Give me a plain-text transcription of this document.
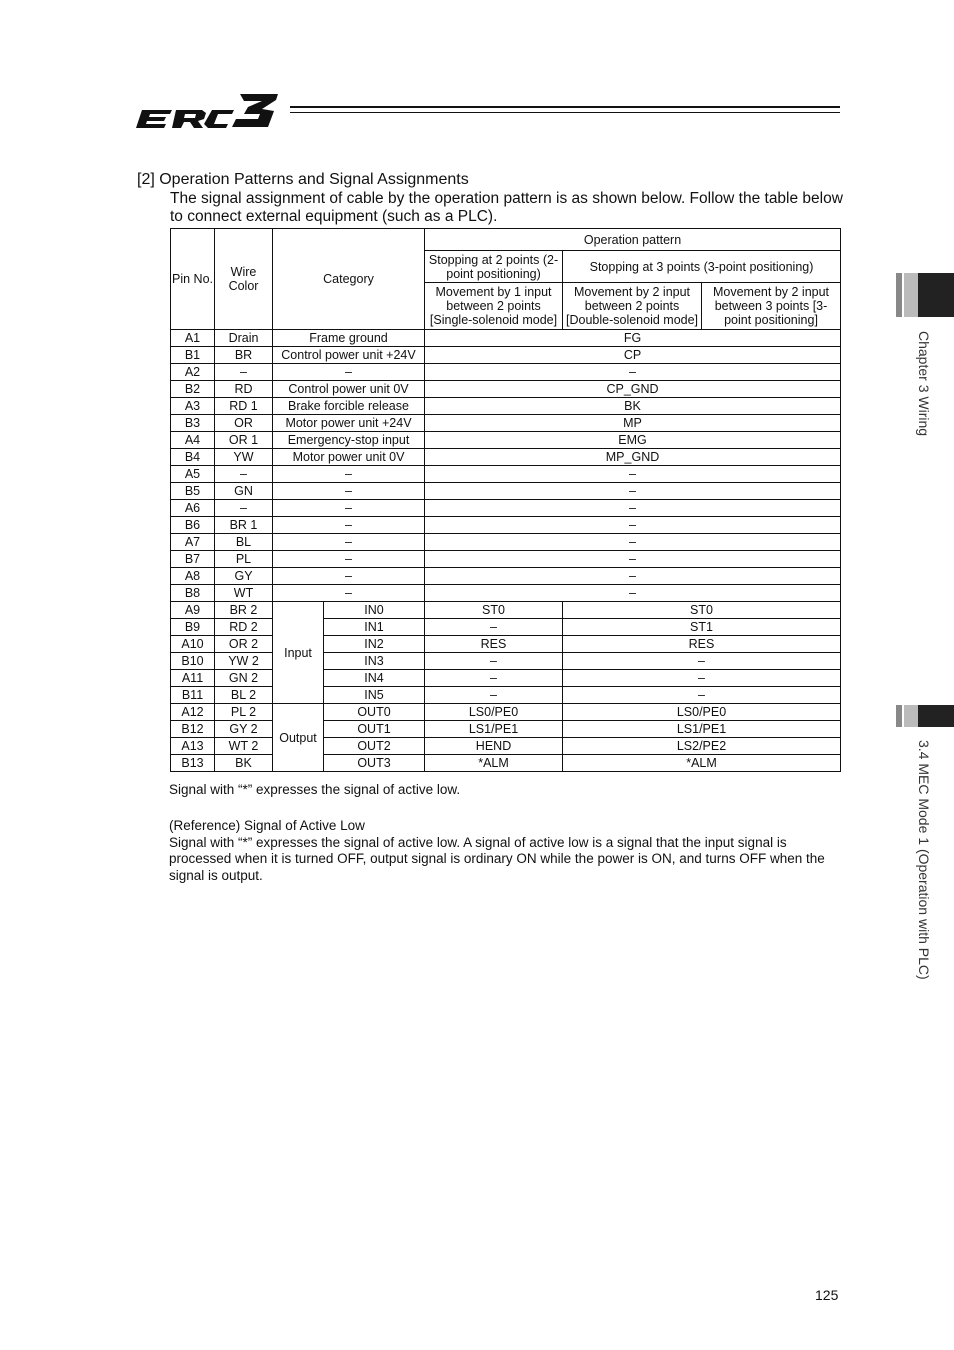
ERC3
[2] Operation Patterns and Signal Assignments
The signal assignment of cable by the operation pattern is as shown below. Follow the table below to connect external equipment (such as a PLC).
Pin No.	Wire Color	Category		Operation pattern		
				Stopping at 2 points (2-point positioning)	Stopping at 3 points (3-point positioning)	
				Movement by 1 input between 2 points [Single-solenoid mode]	Movement by 2 input between 2 points [Double-solenoid mode]	Movement by 2 input between 3 points [3-point positioning]
A1	Drain	Frame ground		FG		
B1	BR	Control power unit +24V		CP		
A2	–	–		–		
B2	RD	Control power unit 0V		CP_GND		
A3	RD 1	Brake forcible release		BK		
B3	OR	Motor power unit +24V		MP		
A4	OR 1	Emergency-stop input		EMG		
B4	YW	Motor power unit 0V		MP_GND		
A5	–	–		–		
B5	GN	–		–		
A6	–	–		–		
B6	BR 1	–		–		
A7	BL	–		–		
B7	PL	–		–		
A8	GY	–		–		
B8	WT	–		–		
A9	BR 2	Input	IN0	ST0	ST0	
B9	RD 2		IN1	–	ST1	
A10	OR 2		IN2	RES	RES	
B10	YW 2		IN3	–	–	
A11	GN 2		IN4	–	–	
B11	BL 2		IN5	–	–	
A12	PL 2	Output	OUT0	LS0/PE0	LS0/PE0	
B12	GY 2		OUT1	LS1/PE1	LS1/PE1	
A13	WT 2		OUT2	HEND	LS2/PE2	
B13	BK		OUT3	*ALM	*ALM	
Signal with “*” expresses the signal of active low.
(Reference) Signal of Active Low
Signal with “*” expresses the signal of active low. A signal of active low is a signal that the input signal is processed when it is turned OFF, output signal is ordinary ON while the power is ON, and turns OFF when the signal is output.
Chapter 3 Wiring
3.4 MEC Mode 1 (Operation with PLC)
125
